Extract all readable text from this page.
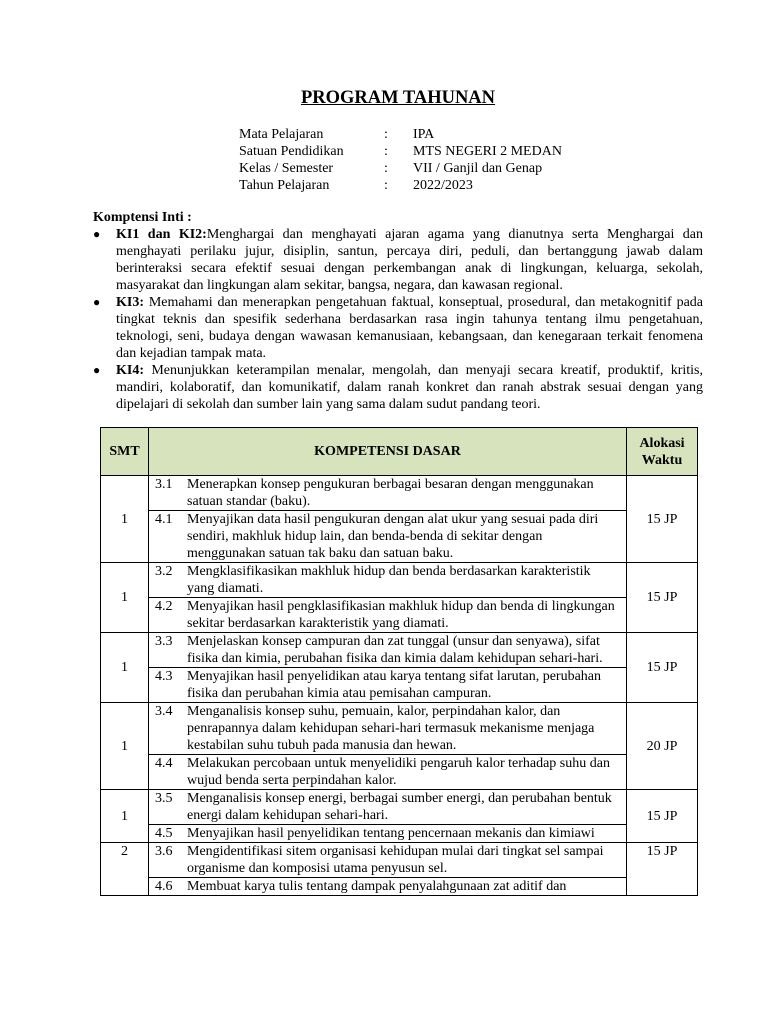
PROGRAM TAHUNAN
Mata Pelajaran	:	IPA
Satuan Pendidikan	:	MTS NEGERI 2 MEDAN
Kelas / Semester	:	VII / Ganjil dan Genap
Tahun Pelajaran	:	2022/2023
Komptensi Inti :
● KI1 dan KI2:Menghargai dan menghayati ajaran agama yang dianutnya serta Menghargai dan menghayati perilaku jujur, disiplin, santun, percaya diri, peduli, dan bertanggung jawab dalam berinteraksi secara efektif sesuai dengan perkembangan anak di lingkungan, keluarga, sekolah, masyarakat dan lingkungan alam sekitar, bangsa, negara, dan kawasan regional.
● KI3: Memahami dan menerapkan pengetahuan faktual, konseptual, prosedural, dan metakognitif pada tingkat teknis dan spesifik sederhana berdasarkan rasa ingin tahunya tentang ilmu pengetahuan, teknologi, seni, budaya dengan wawasan kemanusiaan, kebangsaan, dan kenegaraan terkait fenomena dan kejadian tampak mata.
● KI4: Menunjukkan keterampilan menalar, mengolah, dan menyaji secara kreatif, produktif, kritis, mandiri, kolaboratif, dan komunikatif, dalam ranah konkret dan ranah abstrak sesuai dengan yang dipelajari di sekolah dan sumber lain yang sama dalam sudut pandang teori.
SMT	KOMPETENSI DASAR	Alokasi Waktu
1	3.1 Menerapkan konsep pengukuran berbagai besaran dengan menggunakan satuan standar (baku).
4.1 Menyajikan data hasil pengukuran dengan alat ukur yang sesuai pada diri sendiri, makhluk hidup lain, dan benda-benda di sekitar dengan menggunakan satuan tak baku dan satuan baku.	15 JP
1	3.2 Mengklasifikasikan makhluk hidup dan benda berdasarkan karakteristik yang diamati.
4.2 Menyajikan hasil pengklasifikasian makhluk hidup dan benda di lingkungan sekitar berdasarkan karakteristik yang diamati.	15 JP
1	3.3 Menjelaskan konsep campuran dan zat tunggal (unsur dan senyawa), sifat fisika dan kimia, perubahan fisika dan kimia dalam kehidupan sehari-hari.
4.3 Menyajikan hasil penyelidikan atau karya tentang sifat larutan, perubahan fisika dan perubahan kimia atau pemisahan campuran.	15 JP
1	3.4 Menganalisis konsep suhu, pemuain, kalor, perpindahan kalor, dan penrapannya dalam kehidupan sehari-hari termasuk mekanisme menjaga kestabilan suhu tubuh pada manusia dan hewan.
4.4 Melakukan percobaan untuk menyelidiki pengaruh kalor terhadap suhu dan wujud benda serta perpindahan kalor.	20 JP
1	3.5 Menganalisis konsep energi, berbagai sumber energi, dan perubahan bentuk energi dalam kehidupan sehari-hari.
4.5 Menyajikan hasil penyelidikan tentang pencernaan mekanis dan kimiawi	15 JP
2	3.6 Mengidentifikasi sitem organisasi kehidupan mulai dari tingkat sel sampai organisme dan komposisi utama penyusun sel.
4.6 Membuat karya tulis tentang dampak penyalahgunaan zat aditif dan	15 JP
